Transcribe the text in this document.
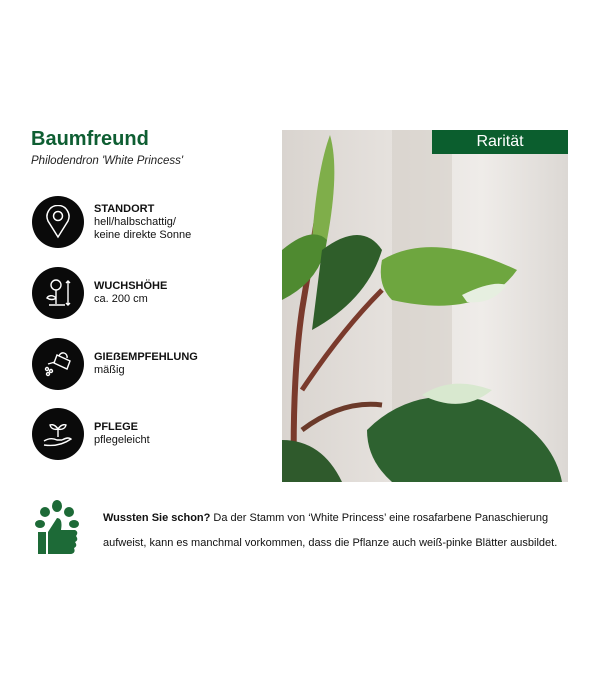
Baumfreund
Philodendron 'White Princess'
STANDORT
hell/halbschattig/
keine direkte Sonne
WUCHSHÖHE
ca. 200 cm
GIEẞEMPFEHLUNG
mäßig
PFLEGE
pflegeleicht
Rarität
Wussten Sie schon? Da der Stamm von ‘White Princess’ eine rosafarbene Panaschierung aufweist, kann es manchmal vorkommen, dass die Pflanze auch weiß-pinke Blätter ausbildet.
